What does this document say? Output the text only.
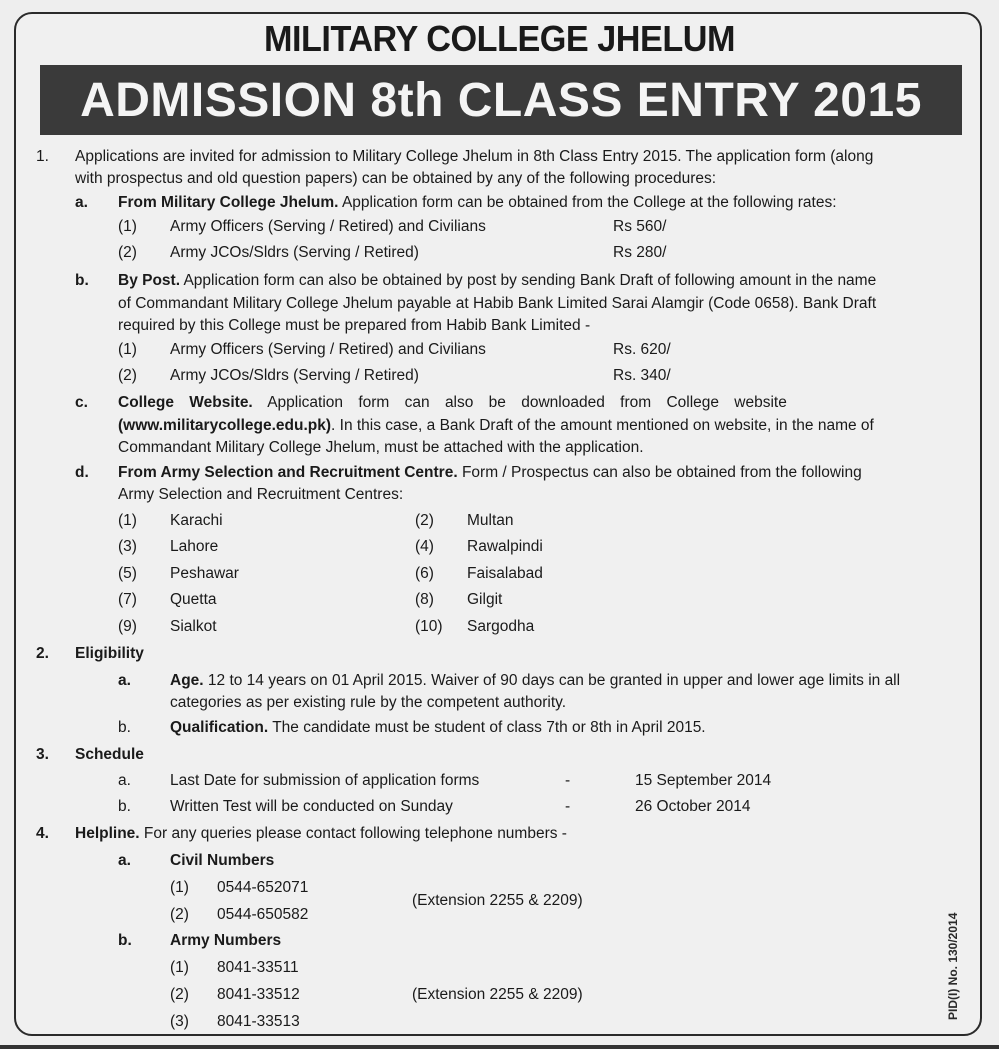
MILITARY COLLEGE JHELUM
ADMISSION 8th CLASS ENTRY 2015
1. Applications are invited for admission to Military College Jhelum in 8th Class Entry 2015. The application form (along
with prospectus and old question papers) can be obtained by any of the following procedures:
a. From Military College Jhelum. Application form can be obtained from the College at the following rates:
(1) Army Officers (Serving / Retired) and Civilians	Rs 560/
(2) Army JCOs/Sldrs (Serving / Retired)	Rs 280/
b. By Post. Application form can also be obtained by post by sending Bank Draft of following amount in the name
of Commandant Military College Jhelum payable at Habib Bank Limited Sarai Alamgir (Code 0658). Bank Draft
required by this College must be prepared from Habib Bank Limited -
(1) Army Officers (Serving / Retired) and Civilians	Rs. 620/
(2) Army JCOs/Sldrs (Serving / Retired)	Rs. 340/
c. College Website. Application form can also be downloaded from College website
(www.militarycollege.edu.pk). In this case, a Bank Draft of the amount mentioned on website, in the name of
Commandant Military College Jhelum, must be attached with the application.
d. From Army Selection and Recruitment Centre. Form / Prospectus can also be obtained from the following
Army Selection and Recruitment Centres:
(1) Karachi	(2) Multan
(3) Lahore	(4) Rawalpindi
(5) Peshawar	(6) Faisalabad
(7) Quetta	(8) Gilgit
(9) Sialkot	(10) Sargodha
2. Eligibility
a.	Age. 12 to 14 years on 01 April 2015. Waiver of 90 days can be granted in upper and lower age limits in all
categories as per existing rule by the competent authority.
b.	Qualification. The candidate must be student of class 7th or 8th in April 2015.
3. Schedule
a.	Last Date for submission of application forms	-	15 September 2014
b.	Written Test will be conducted on Sunday	-	26 October 2014
4. Helpline. For any queries please contact following telephone numbers -
a.	Civil Numbers
(1) 0544-652071
(2) 0544-650582
(Extension 2255 & 2209)
b. Army Numbers
(1) 8041-33511
(2) 8041-33512	(Extension 2255 & 2209)
(3) 8041-33513
PID(I) No. 130/2014
